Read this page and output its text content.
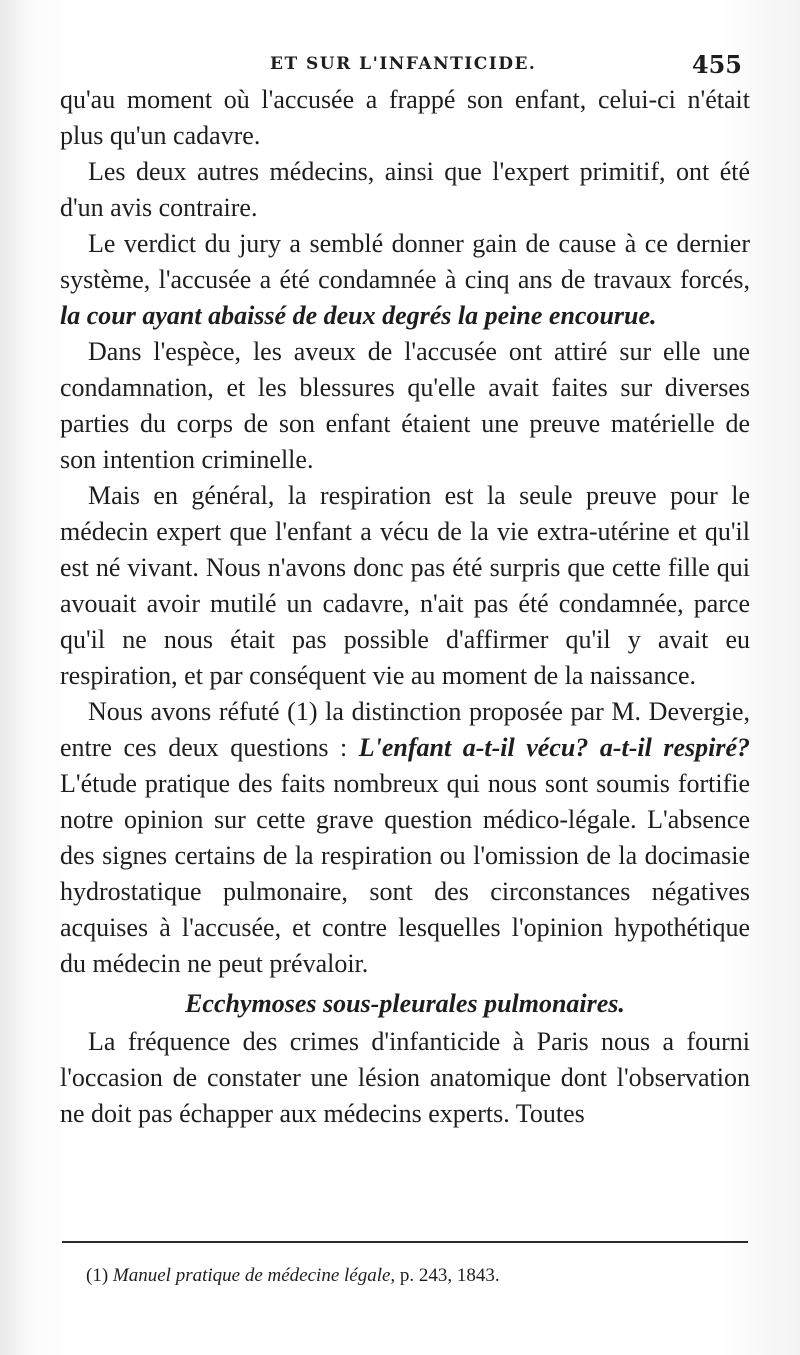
ET SUR L'INFANTICIDE.	455

qu'au moment où l'accusée a frappé son enfant, celui-ci n'était plus qu'un cadavre.

Les deux autres médecins, ainsi que l'expert primitif, ont été d'un avis contraire.

Le verdict du jury a semblé donner gain de cause à ce dernier système, l'accusée a été condamnée à cinq ans de travaux forcés, la cour ayant abaissé de deux degrés la peine encourue.

Dans l'espèce, les aveux de l'accusée ont attiré sur elle une condamnation, et les blessures qu'elle avait faites sur diverses parties du corps de son enfant étaient une preuve matérielle de son intention criminelle.

Mais en général, la respiration est la seule preuve pour le médecin expert que l'enfant a vécu de la vie extra-utérine et qu'il est né vivant. Nous n'avons donc pas été surpris que cette fille qui avouait avoir mutilé un cadavre, n'ait pas été condamnée, parce qu'il ne nous était pas possible d'affirmer qu'il y avait eu respiration, et par conséquent vie au moment de la naissance.

Nous avons réfuté (1) la distinction proposée par M. Devergie, entre ces deux questions : L'enfant a-t-il vécu? a-t-il respiré? L'étude pratique des faits nombreux qui nous sont soumis fortifie notre opinion sur cette grave question médico-légale. L'absence des signes certains de la respiration ou l'omission de la docimasie hydrostatique pulmonaire, sont des circonstances négatives acquises à l'accusée, et contre lesquelles l'opinion hypothétique du médecin ne peut prévaloir.

Ecchymoses sous-pleurales pulmonaires.

La fréquence des crimes d'infanticide à Paris nous a fourni l'occasion de constater une lésion anatomique dont l'observation ne doit pas échapper aux médecins experts. Toutes

(1) Manuel pratique de médecine légale, p. 243, 1843.
